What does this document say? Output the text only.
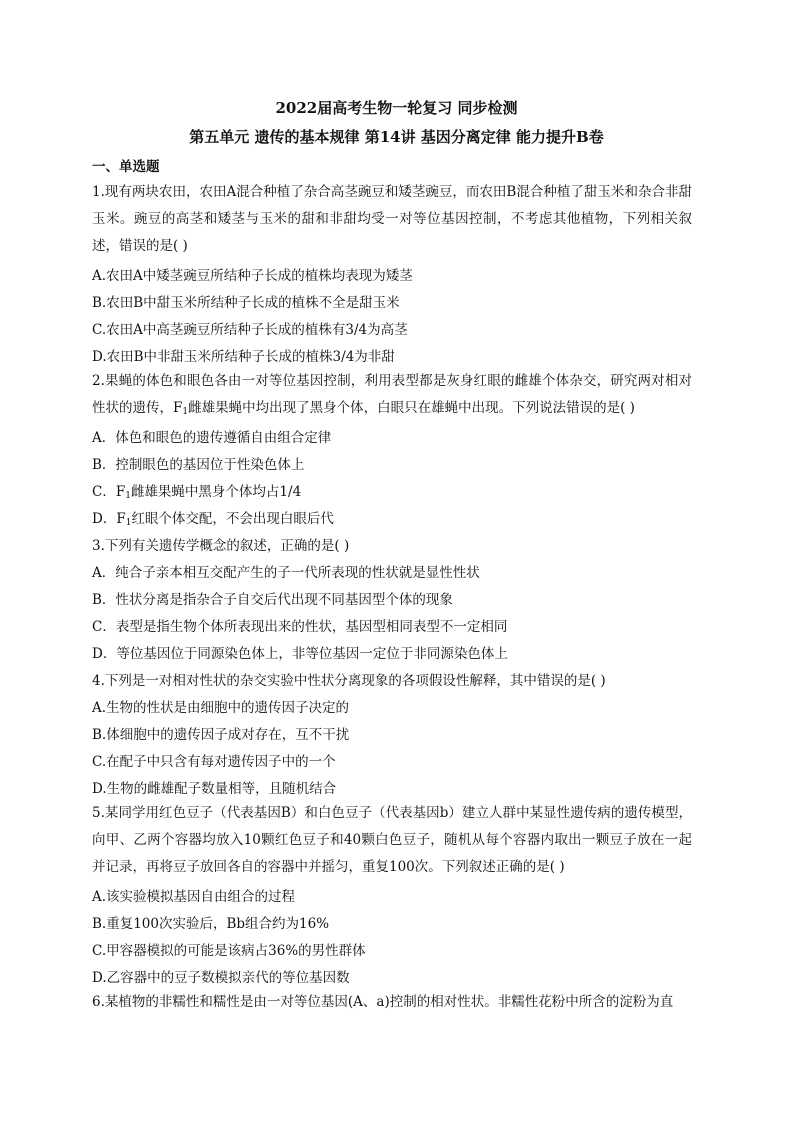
2022届高考生物一轮复习 同步检测
第五单元 遗传的基本规律 第14讲 基因分离定律 能力提升B卷
一、单选题
1.现有两块农田，农田A混合种植了杂合高茎豌豆和矮茎豌豆，而农田B混合种植了甜玉米和杂合非甜玉米。豌豆的高茎和矮茎与玉米的甜和非甜均受一对等位基因控制，不考虑其他植物，下列相关叙述，错误的是( )
A.农田A中矮茎豌豆所结种子长成的植株均表现为矮茎
B.农田B中甜玉米所结种子长成的植株不全是甜玉米
C.农田A中高茎豌豆所结种子长成的植株有3/4为高茎
D.农田B中非甜玉米所结种子长成的植株3/4为非甜
2.果蝇的体色和眼色各由一对等位基因控制，利用表型都是灰身红眼的雌雄个体杂交，研究两对相对性状的遗传，$F_1$雌雄果蝇中均出现了黑身个体，白眼只在雄蝇中出现。下列说法错误的是( )
A．体色和眼色的遗传遵循自由组合定律
B．控制眼色的基因位于性染色体上
C．$F_1$雌雄果蝇中黑身个体均占1/4
D．$F_1$红眼个体交配，不会出现白眼后代
3.下列有关遗传学概念的叙述，正确的是( )
A．纯合子亲本相互交配产生的子一代所表现的性状就是显性性状
B．性状分离是指杂合子自交后代出现不同基因型个体的现象
C．表型是指生物个体所表现出来的性状，基因型相同表型不一定相同
D．等位基因位于同源染色体上，非等位基因一定位于非同源染色体上
4.下列是一对相对性状的杂交实验中性状分离现象的各项假设性解释，其中错误的是( )
A.生物的性状是由细胞中的遗传因子决定的
B.体细胞中的遗传因子成对存在，互不干扰
C.在配子中只含有每对遗传因子中的一个
D.生物的雌雄配子数量相等，且随机结合
5.某同学用红色豆子（代表基因B）和白色豆子（代表基因b）建立人群中某显性遗传病的遗传模型，向甲、乙两个容器均放入10颗红色豆子和40颗白色豆子，随机从每个容器内取出一颗豆子放在一起并记录，再将豆子放回各自的容器中并摇匀，重复100次。下列叙述正确的是( )
A.该实验模拟基因自由组合的过程
B.重复100次实验后，Bb组合约为16%
C.甲容器模拟的可能是该病占36%的男性群体
D.乙容器中的豆子数模拟亲代的等位基因数
6.某植物的非糯性和糯性是由一对等位基因(A、a)控制的相对性状。非糯性花粉中所含的淀粉为直
